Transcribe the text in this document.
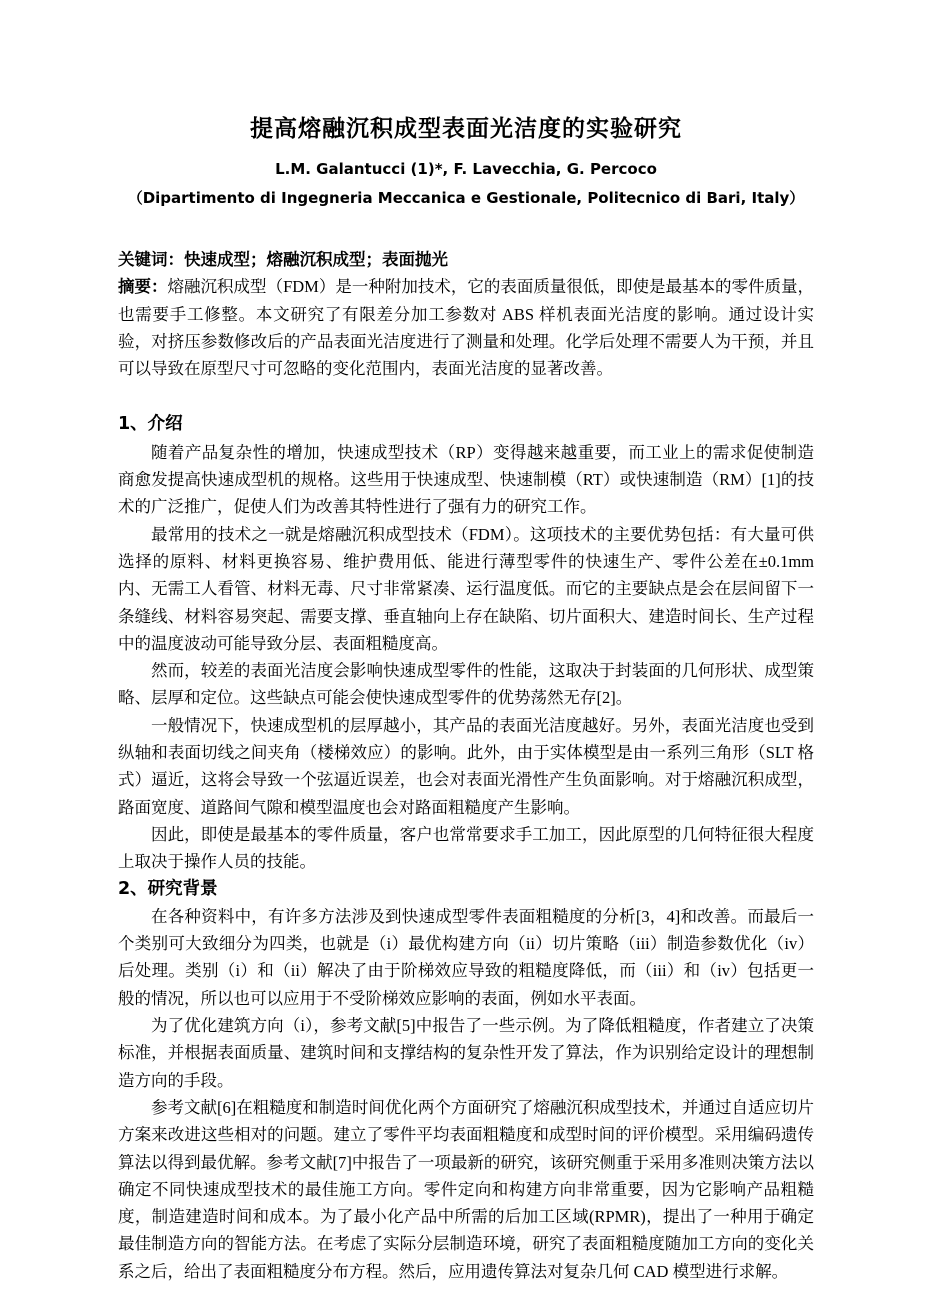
提高熔融沉积成型表面光洁度的实验研究
L.M. Galantucci (1)*, F. Lavecchia, G. Percoco
（Dipartimento di Ingegneria Meccanica e Gestionale, Politecnico di Bari, Italy）

关键词：快速成型；熔融沉积成型；表面抛光

摘要：熔融沉积成型（FDM）是一种附加技术，它的表面质量很低，即使是最基本的零件质量，也需要手工修整。本文研究了有限差分加工参数对 ABS 样机表面光洁度的影响。通过设计实验，对挤压参数修改后的产品表面光洁度进行了测量和处理。化学后处理不需要人为干预，并且可以导致在原型尺寸可忽略的变化范围内，表面光洁度的显著改善。

1、介绍

随着产品复杂性的增加，快速成型技术（RP）变得越来越重要，而工业上的需求促使制造商愈发提高快速成型机的规格。这些用于快速成型、快速制模（RT）或快速制造（RM）[1]的技术的广泛推广，促使人们为改善其特性进行了强有力的研究工作。

最常用的技术之一就是熔融沉积成型技术（FDM）。这项技术的主要优势包括：有大量可供选择的原料、材料更换容易、维护费用低、能进行薄型零件的快速生产、零件公差在±0.1mm 内、无需工人看管、材料无毒、尺寸非常紧凑、运行温度低。而它的主要缺点是会在层间留下一条缝线、材料容易突起、需要支撑、垂直轴向上存在缺陷、切片面积大、建造时间长、生产过程中的温度波动可能导致分层、表面粗糙度高。

然而，较差的表面光洁度会影响快速成型零件的性能，这取决于封装面的几何形状、成型策略、层厚和定位。这些缺点可能会使快速成型零件的优势荡然无存[2]。

一般情况下，快速成型机的层厚越小，其产品的表面光洁度越好。另外，表面光洁度也受到纵轴和表面切线之间夹角（楼梯效应）的影响。此外，由于实体模型是由一系列三角形（SLT 格式）逼近，这将会导致一个弦逼近误差，也会对表面光滑性产生负面影响。对于熔融沉积成型，路面宽度、道路间气隙和模型温度也会对路面粗糙度产生影响。

因此，即使是最基本的零件质量，客户也常常要求手工加工，因此原型的几何特征很大程度上取决于操作人员的技能。

2、研究背景

在各种资料中，有许多方法涉及到快速成型零件表面粗糙度的分析[3，4]和改善。而最后一个类别可大致细分为四类，也就是（i）最优构建方向（ii）切片策略（iii）制造参数优化（iv）后处理。类别（i）和（ii）解决了由于阶梯效应导致的粗糙度降低，而（iii）和（iv）包括更一般的情况，所以也可以应用于不受阶梯效应影响的表面，例如水平表面。

为了优化建筑方向（i），参考文献[5]中报告了一些示例。为了降低粗糙度，作者建立了决策标准，并根据表面质量、建筑时间和支撑结构的复杂性开发了算法，作为识别给定设计的理想制造方向的手段。

参考文献[6]在粗糙度和制造时间优化两个方面研究了熔融沉积成型技术，并通过自适应切片方案来改进这些相对的问题。建立了零件平均表面粗糙度和成型时间的评价模型。采用编码遗传算法以得到最优解。参考文献[7]中报告了一项最新的研究，该研究侧重于采用多准则决策方法以确定不同快速成型技术的最佳施工方向。零件定向和构建方向非常重要，因为它影响产品粗糙度，制造建造时间和成本。为了最小化产品中所需的后加工区域(RPMR)，提出了一种用于确定最佳制造方向的智能方法。在考虑了实际分层制造环境，研究了表面粗糙度随加工方向的变化关系之后，给出了表面粗糙度分布方程。然后，应用遗传算法对复杂几何 CAD 模型进行求解。
